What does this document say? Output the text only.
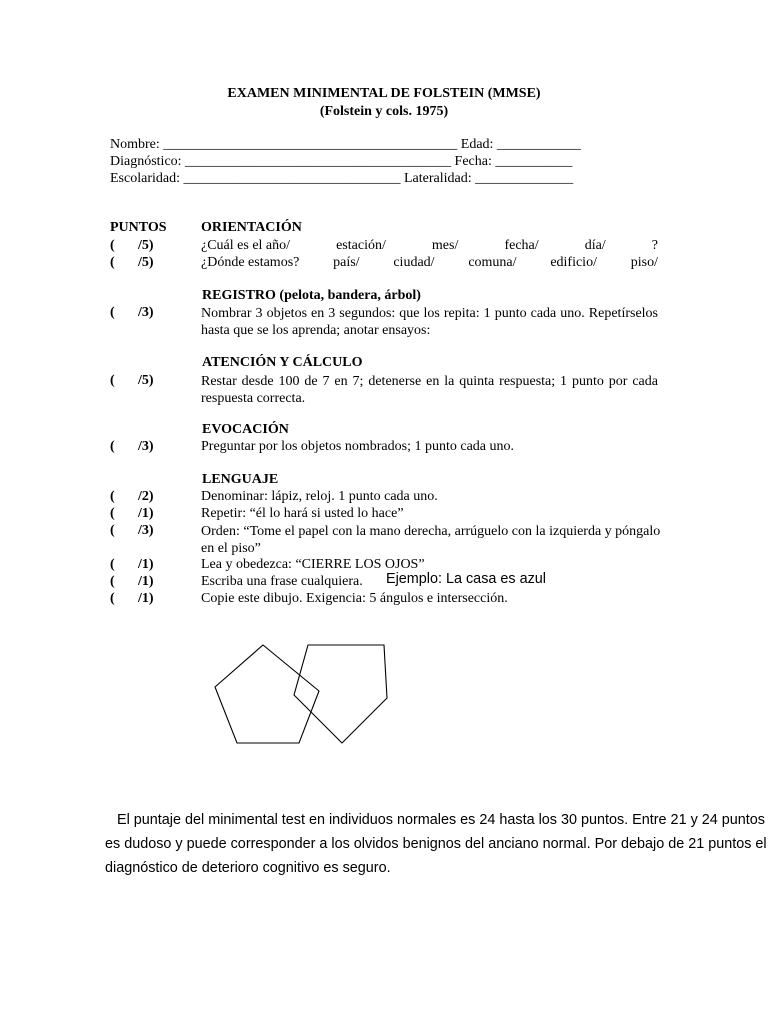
EXAMEN MINIMENTAL DE FOLSTEIN (MMSE)
(Folstein y cols. 1975)
Nombre: __________________________________________ Edad: ____________
Diagnóstico: ______________________________________ Fecha: ___________
Escolaridad: _______________________________ Lateralidad: ______________
PUNTOS ORIENTACIÓN
( /5)	¿Cuál es el año/	estación/	mes/	fecha/	día/	?
( /5)	¿Dónde estamos? país/ ciudad/ comuna/ edificio/ piso/
REGISTRO (pelota, bandera, árbol)
( /3)	Nombrar 3 objetos en 3 segundos: que los repita: 1 punto cada uno. Repetírselos hasta que se los aprenda; anotar ensayos:
ATENCIÓN Y CÁLCULO
( /5)	Restar desde 100 de 7 en 7; detenerse en la quinta respuesta; 1 punto por cada respuesta correcta.
EVOCACIÓN
( /3)	Preguntar por los objetos nombrados; 1 punto cada uno.
LENGUAJE
( /2)	Denominar: lápiz, reloj. 1 punto cada uno.
( /1)	Repetir: “él lo hará si usted lo hace”
( /3)	Orden: “Tome el papel con la mano derecha, arrúguelo con la izquierda y póngalo en el piso”
( /1)	Lea y obedezca: “CIERRE LOS OJOS”
( /1)	Escriba una frase cualquiera. Ejemplo: La casa es azul
( /1)	Copie este dibujo. Exigencia: 5 ángulos e intersección.
El puntaje del minimental test en individuos normales es 24 hasta los 30 puntos. Entre 21 y 24 puntos es dudoso y puede corresponder a los olvidos benignos del anciano normal. Por debajo de 21 puntos el diagnóstico de deterioro cognitivo es seguro.
